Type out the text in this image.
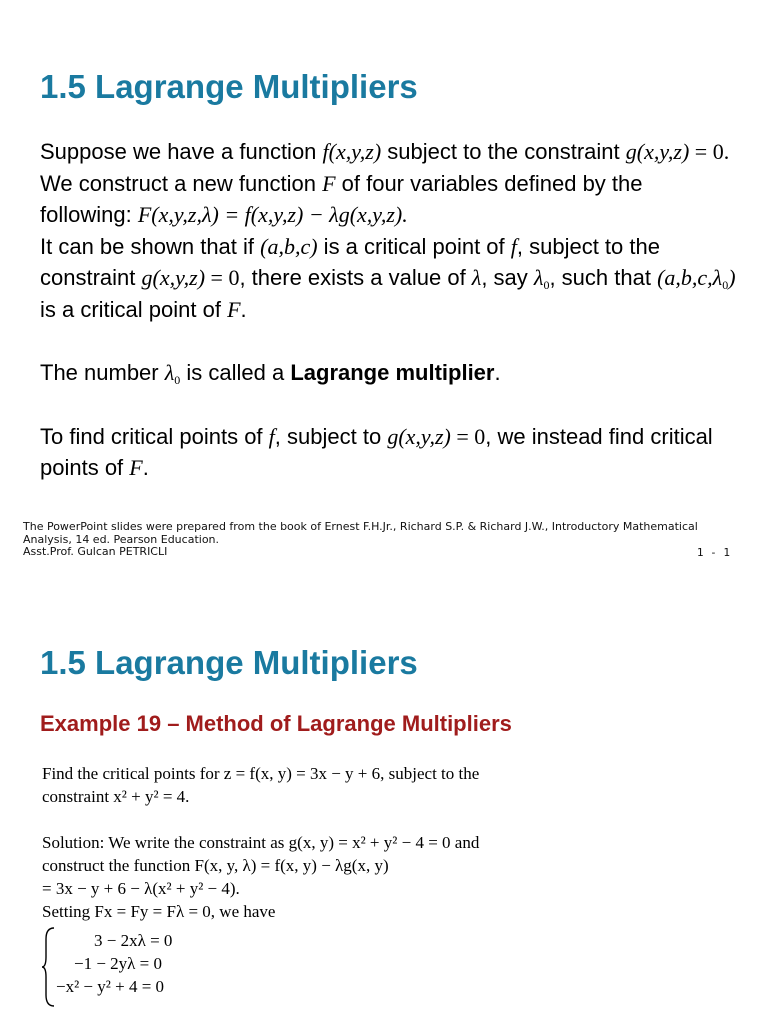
1.5 Lagrange Multipliers

Suppose we have a function f(x,y,z) subject to the constraint g(x,y,z) = 0. We construct a new function F of four variables defined by the following: F(x,y,z,λ) = f(x,y,z) − λg(x,y,z).
It can be shown that if (a,b,c) is a critical point of f, subject to the constraint g(x,y,z) = 0, there exists a value of λ, say $\lambda_0$, such that $(a,b,c,\lambda_0)$ is a critical point of F.

The number $\lambda_0$ is called a Lagrange multiplier.

To find critical points of f, subject to g(x,y,z) = 0, we instead find critical points of F.

The PowerPoint slides were prepared from the book of Ernest F.H.Jr., Richard S.P. & Richard J.W., Introductory Mathematical Analysis, 14 ed. Pearson Education.
Asst.Prof. Gulcan PETRICLI	1 - 1
1.5 Lagrange Multipliers
Example 19 – Method of Lagrange Multipliers

Find the critical points for z = f(x, y) = 3x − y + 6, subject to the
constraint x² + y² = 4.

Solution: We write the constraint as g(x, y) = x² + y² − 4 = 0 and
construct the function F(x, y, λ) = f(x, y) − λg(x, y)
= 3x − y + 6 − λ(x² + y² − 4).
Setting Fx = Fy = Fλ = 0, we have

3 − 2xλ = 0
−1 − 2yλ = 0
−x² − y² + 4 = 0
